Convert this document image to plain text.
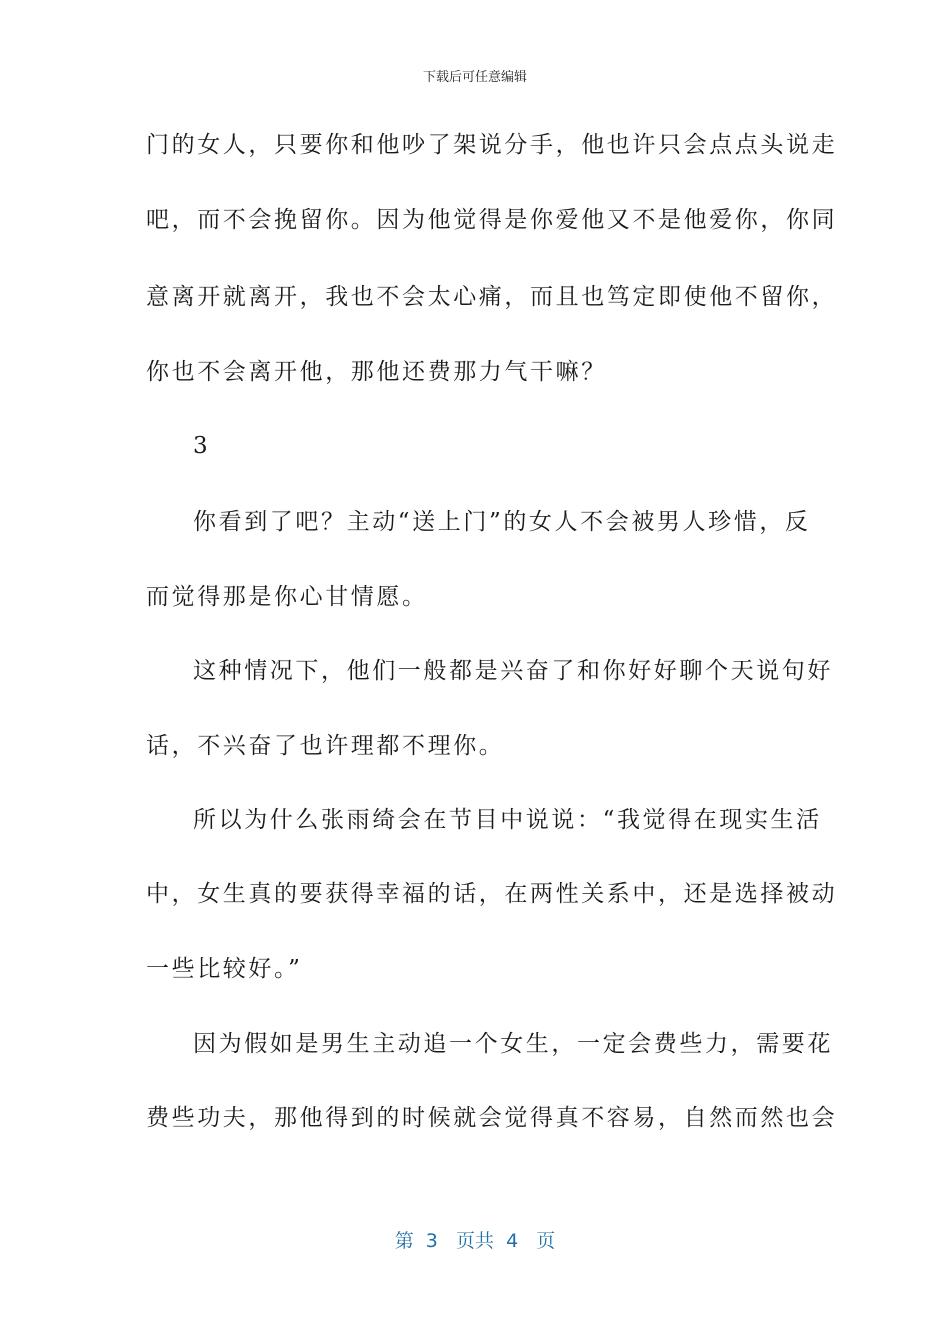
下载后可任意编辑
门的女人，只要你和他吵了架说分手，他也许只会点点头说走
吧，而不会挽留你。因为他觉得是你爱他又不是他爱你，你同
意离开就离开，我也不会太心痛，而且也笃定即使他不留你，
你也不会离开他，那他还费那力气干嘛？
3
你看到了吧？主动“送上门”的女人不会被男人珍惜，反
而觉得那是你心甘情愿。
这种情况下，他们一般都是兴奋了和你好好聊个天说句好
话，不兴奋了也许理都不理你。
所以为什么张雨绮会在节目中说说：“我觉得在现实生活
中，女生真的要获得幸福的话，在两性关系中，还是选择被动
一些比较好。”
因为假如是男生主动追一个女生，一定会费些力，需要花
费些功夫，那他得到的时候就会觉得真不容易，自然而然也会
第  3   页共  4   页
